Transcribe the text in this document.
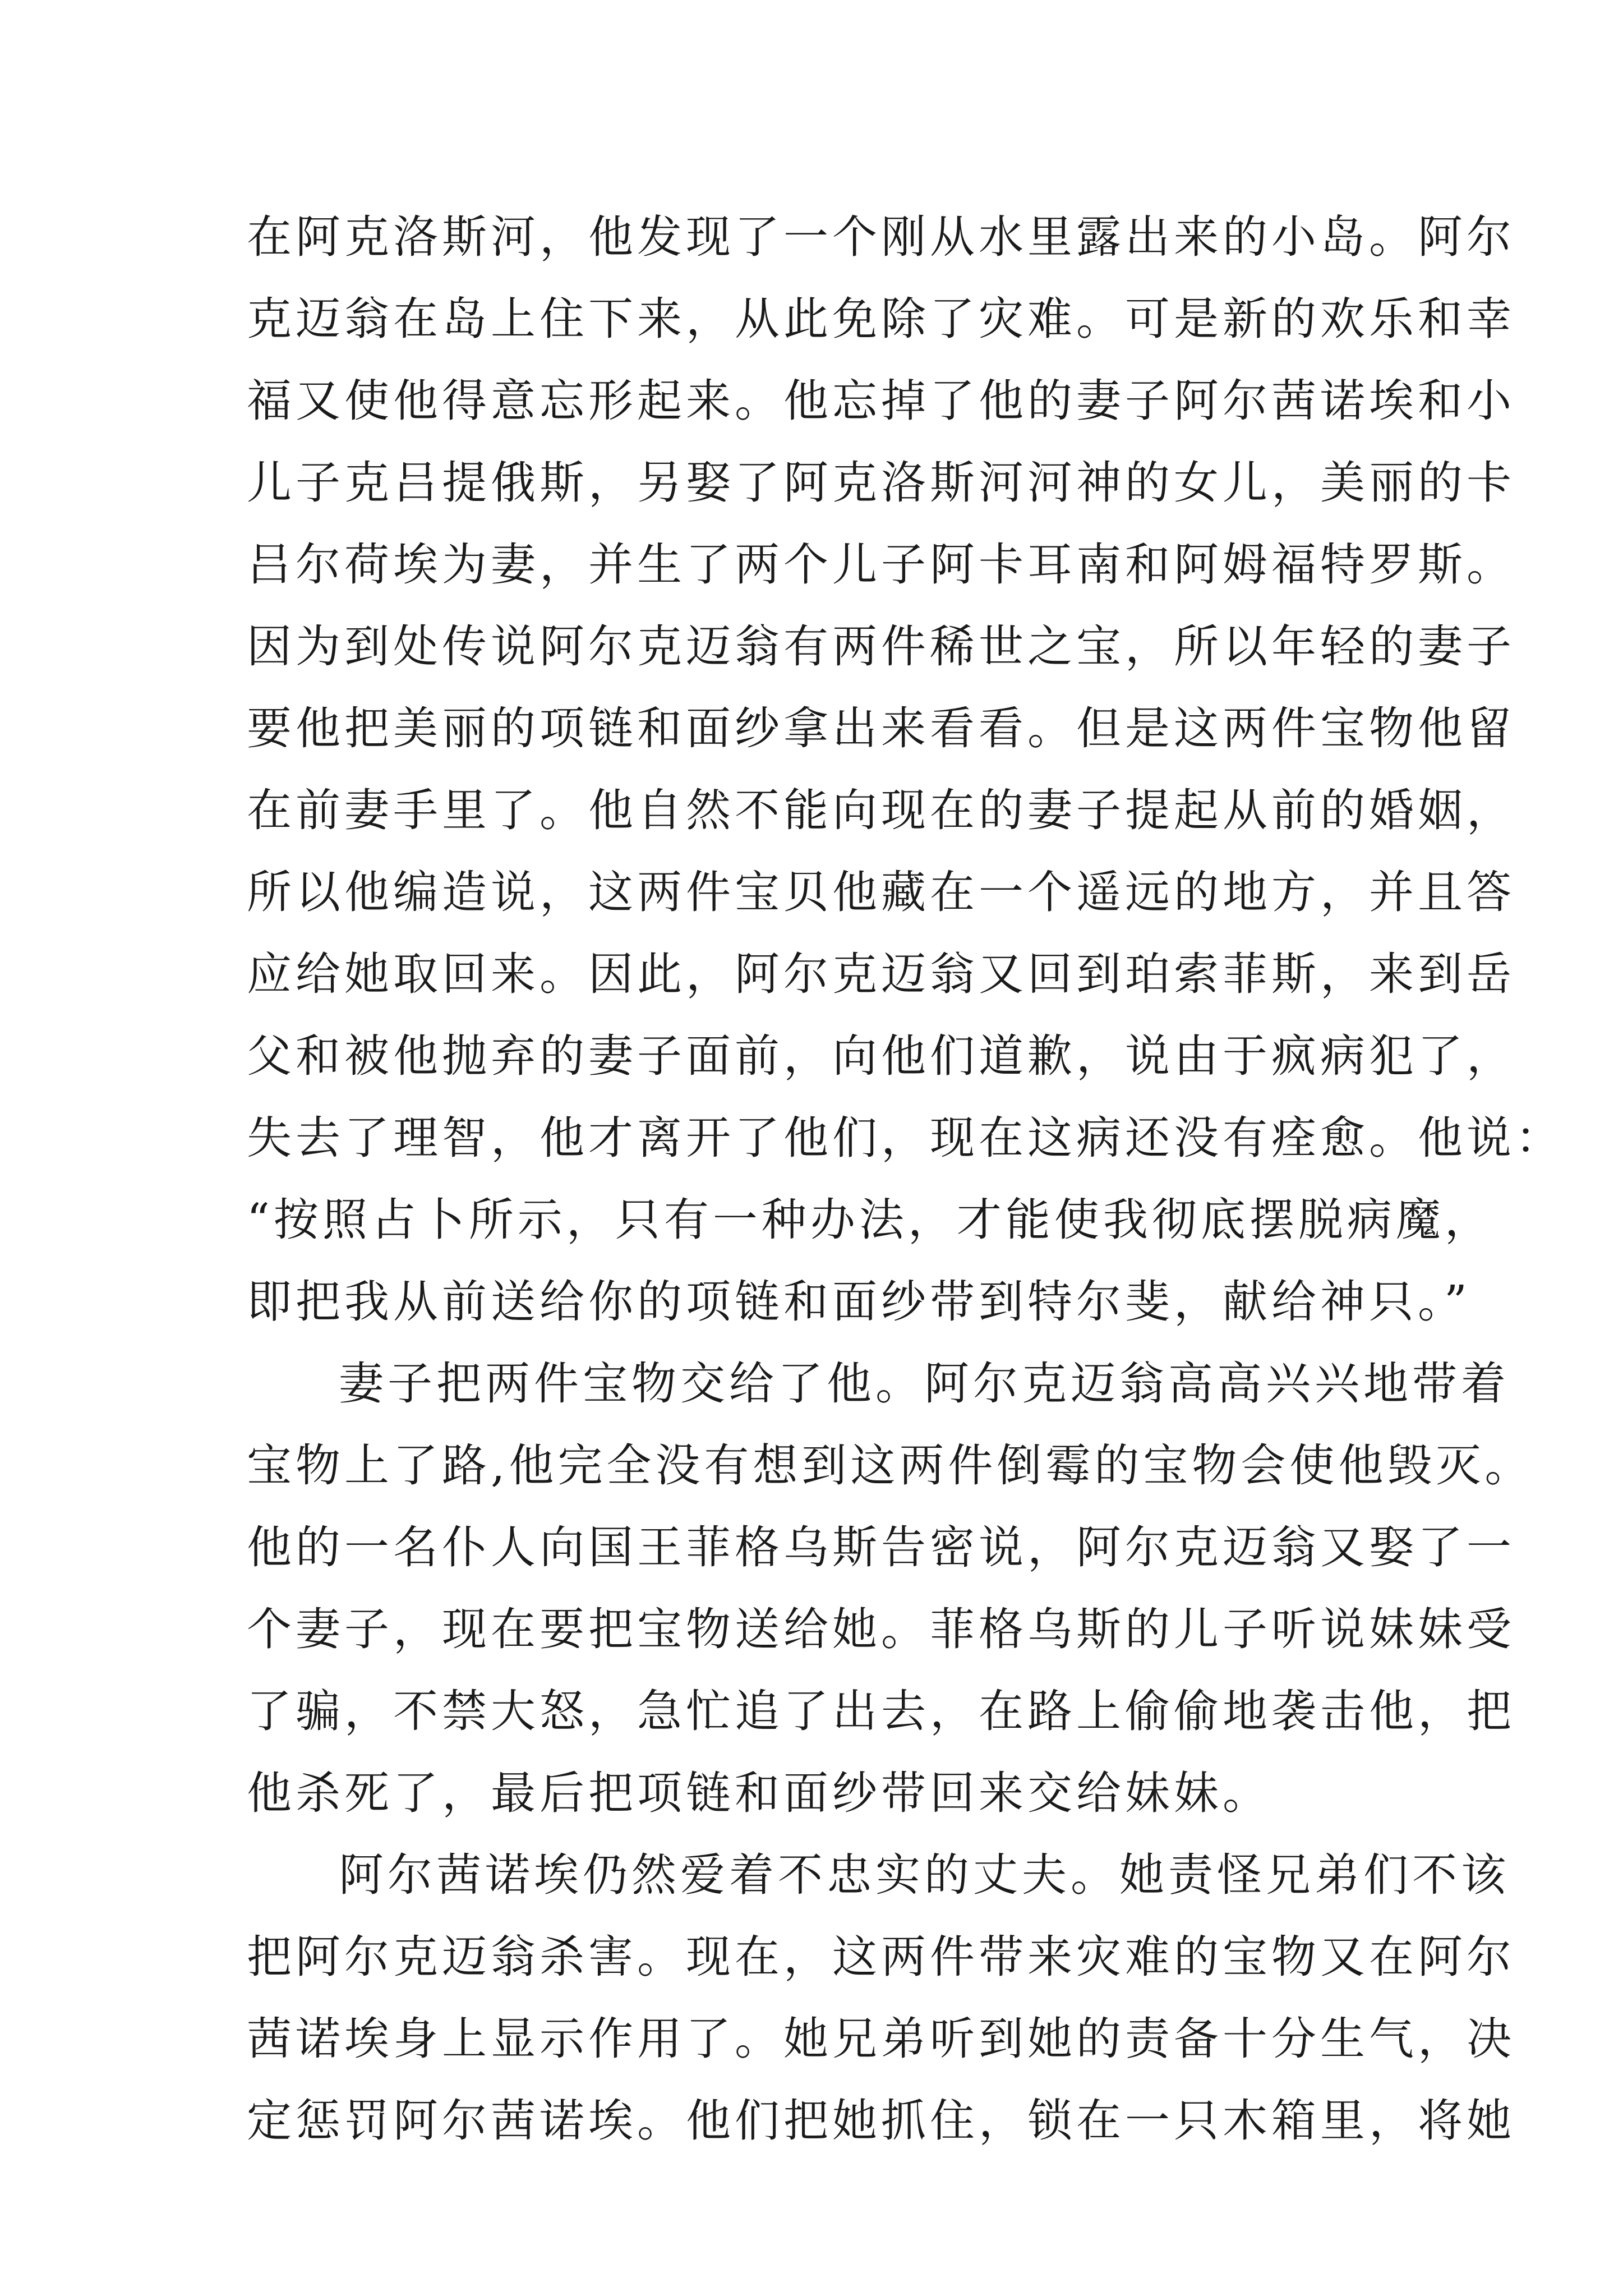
在阿克洛斯河，他发现了一个刚从水里露出来的小岛。阿尔
克迈翁在岛上住下来，从此免除了灾难。可是新的欢乐和幸
福又使他得意忘形起来。他忘掉了他的妻子阿尔茜诺埃和小
儿子克吕提俄斯，另娶了阿克洛斯河河神的女儿，美丽的卡
吕尔荷埃为妻，并生了两个儿子阿卡耳南和阿姆福特罗斯。
因为到处传说阿尔克迈翁有两件稀世之宝，所以年轻的妻子
要他把美丽的项链和面纱拿出来看看。但是这两件宝物他留
在前妻手里了。他自然不能向现在的妻子提起从前的婚姻，
所以他编造说，这两件宝贝他藏在一个遥远的地方，并且答
应给她取回来。因此，阿尔克迈翁又回到珀索菲斯，来到岳
父和被他抛弃的妻子面前，向他们道歉，说由于疯病犯了，
失去了理智，他才离开了他们，现在这病还没有痊愈。他说：
“按照占卜所示，只有一种办法，才能使我彻底摆脱病魔，
即把我从前送给你的项链和面纱带到特尔斐，献给神只。”
妻子把两件宝物交给了他。阿尔克迈翁高高兴兴地带着
宝物上了路,他完全没有想到这两件倒霉的宝物会使他毁灭。
他的一名仆人向国王菲格乌斯告密说，阿尔克迈翁又娶了一
个妻子，现在要把宝物送给她。菲格乌斯的儿子听说妹妹受
了骗，不禁大怒，急忙追了出去，在路上偷偷地袭击他，把
他杀死了，最后把项链和面纱带回来交给妹妹。
阿尔茜诺埃仍然爱着不忠实的丈夫。她责怪兄弟们不该
把阿尔克迈翁杀害。现在，这两件带来灾难的宝物又在阿尔
茜诺埃身上显示作用了。她兄弟听到她的责备十分生气，决
定惩罚阿尔茜诺埃。他们把她抓住，锁在一只木箱里，将她
